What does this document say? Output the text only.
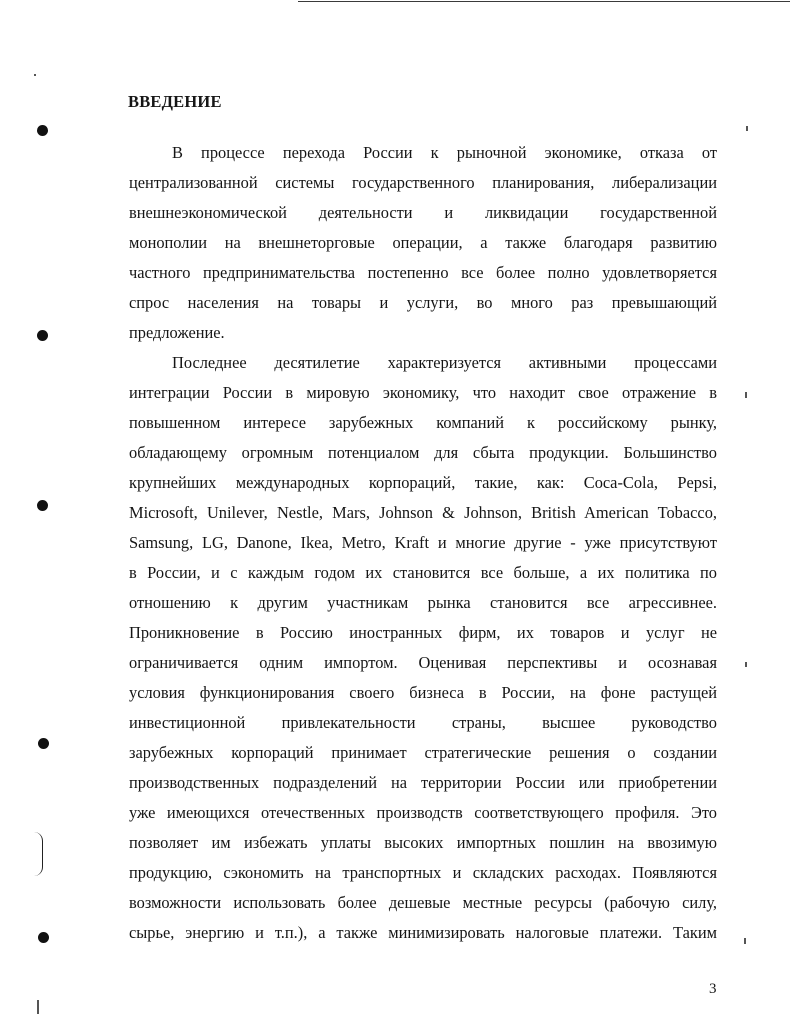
ВВЕДЕНИЕ
В процессе перехода России к рыночной экономике, отказа от
централизованной системы государственного планирования, либерализации
внешнеэкономической деятельности и ликвидации государственной
монополии на внешнеторговые операции, а также благодаря развитию
частного предпринимательства постепенно все более полно удовлетворяется
спрос населения на товары и услуги, во много раз превышающий
предложение.
Последнее десятилетие характеризуется активными процессами
интеграции России в мировую экономику, что находит свое отражение в
повышенном интересе зарубежных компаний к российскому рынку,
обладающему огромным потенциалом для сбыта продукции. Большинство
крупнейших международных корпораций, такие, как: Coca-Cola, Pepsi,
Microsoft, Unilever, Nestle, Mars, Johnson & Johnson, British American Tobacco,
Samsung, LG, Danone, Ikea, Metro, Kraft и многие другие - уже присутствуют
в России, и с каждым годом их становится все больше, а их политика по
отношению к другим участникам рынка становится все агрессивнее.
Проникновение в Россию иностранных фирм, их товаров и услуг не
ограничивается одним импортом. Оценивая перспективы и осознавая
условия функционирования своего бизнеса в России, на фоне растущей
инвестиционной привлекательности страны, высшее руководство
зарубежных корпораций принимает стратегические решения о создании
производственных подразделений на территории России или приобретении
уже имеющихся отечественных производств соответствующего профиля. Это
позволяет им избежать уплаты высоких импортных пошлин на ввозимую
продукцию, сэкономить на транспортных и складских расходах. Появляются
возможности использовать более дешевые местные ресурсы (рабочую силу,
сырье, энергию и т.п.), а также минимизировать налоговые платежи. Таким
3
